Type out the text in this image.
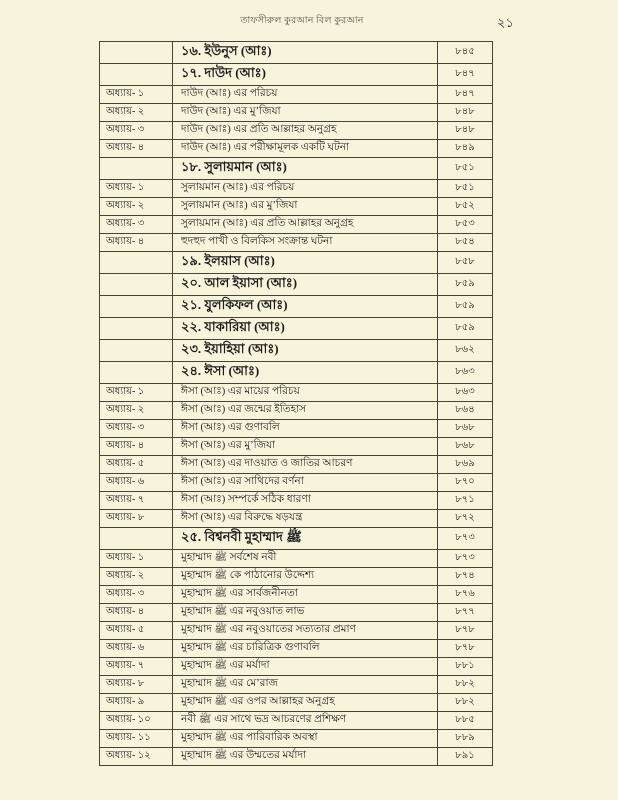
তাফসীরুল কুরআন বিল কুরআন	২১
	১৬. ইউনুস (আঃ)	৮৪৫
	১৭. দাউদ (আঃ)	৮৪৭
অধ্যায়- ১	দাউদ (আঃ) এর পরিচয়	৮৪৭
অধ্যায়- ২	দাউদ (আঃ) এর মু’জিযা	৮৪৮
অধ্যায়- ৩	দাউদ (আঃ) এর প্রতি আল্লাহর অনুগ্রহ	৮৪৮
অধ্যায়- ৪	দাউদ (আঃ) এর পরীক্ষামূলক একটি ঘটনা	৮৪৯
	১৮. সুলায়মান (আঃ)	৮৫১
অধ্যায়- ১	সুলায়মান (আঃ) এর পরিচয়	৮৫১
অধ্যায়- ২	সুলায়মান (আঃ) এর মু’জিযা	৮৫২
অধ্যায়- ৩	সুলায়মান (আঃ) এর প্রতি আল্লাহর অনুগ্রহ	৮৫৩
অধ্যায়- ৪	হুদহুদ পাখী ও বিলকিস সংক্রান্ত ঘটনা	৮৫৪
	১৯. ইলয়াস (আঃ)	৮৫৮
	২০. আল ইয়াসা (আঃ)	৮৫৯
	২১. যুলকিফল (আঃ)	৮৫৯
	২২. যাকারিয়া (আঃ)	৮৫৯
	২৩. ইয়াহিয়া (আঃ)	৮৬২
	২৪. ঈসা (আঃ)	৮৬৩
অধ্যায়- ১	ঈসা (আঃ) এর মায়ের পরিচয়	৮৬৩
অধ্যায়- ২	ঈসা (আঃ) এর জন্মের ইতিহাস	৮৬৪
অধ্যায়- ৩	ঈসা (আঃ) এর গুণাবলি	৮৬৮
অধ্যায়- ৪	ঈসা (আঃ) এর মু’জিযা	৮৬৮
অধ্যায়- ৫	ঈসা (আঃ) এর দাওয়াত ও জাতির আচরণ	৮৬৯
অধ্যায়- ৬	ঈসা (আঃ) এর সাথিদের বর্ণনা	৮৭০
অধ্যায়- ৭	ঈসা (আঃ) সম্পর্কে সঠিক ধারণা	৮৭১
অধ্যায়- ৮	ঈসা (আঃ) এর বিরুদ্ধে ষড়যন্ত্র	৮৭২
	২৫. বিশ্বনবী মুহাম্মাদ ﷺ	৮৭৩
অধ্যায়- ১	মুহাম্মাদ ﷺ সর্বশেষ নবী	৮৭৩
অধ্যায়- ২	মুহাম্মাদ ﷺ কে পাঠানোর উদ্দেশ্য	৮৭৪
অধ্যায়- ৩	মুহাম্মাদ ﷺ এর সার্বজনীনতা	৮৭৬
অধ্যায়- ৪	মুহাম্মাদ ﷺ এর নবুওয়াত লাভ	৮৭৭
অধ্যায়- ৫	মুহাম্মাদ ﷺ এর নবুওয়াতের সত্যতার প্রমাণ	৮৭৮
অধ্যায়- ৬	মুহাম্মাদ ﷺ এর চারিত্রিক গুণাবলি	৮৭৮
অধ্যায়- ৭	মুহাম্মাদ ﷺ এর মর্যাদা	৮৮১
অধ্যায়- ৮	মুহাম্মাদ ﷺ এর মে’রাজ	৮৮২
অধ্যায়- ৯	মুহাম্মাদ ﷺ এর ওপর আল্লাহর অনুগ্রহ	৮৮২
অধ্যায়- ১০	নবী ﷺ এর সাথে ভদ্র আচরণের প্রশিক্ষণ	৮৮৫
অধ্যায়- ১১	মুহাম্মাদ ﷺ এর পারিবারিক অবস্থা	৮৮৯
অধ্যায়- ১২	মুহাম্মাদ ﷺ এর উম্মতের মর্যাদা	৮৯১
